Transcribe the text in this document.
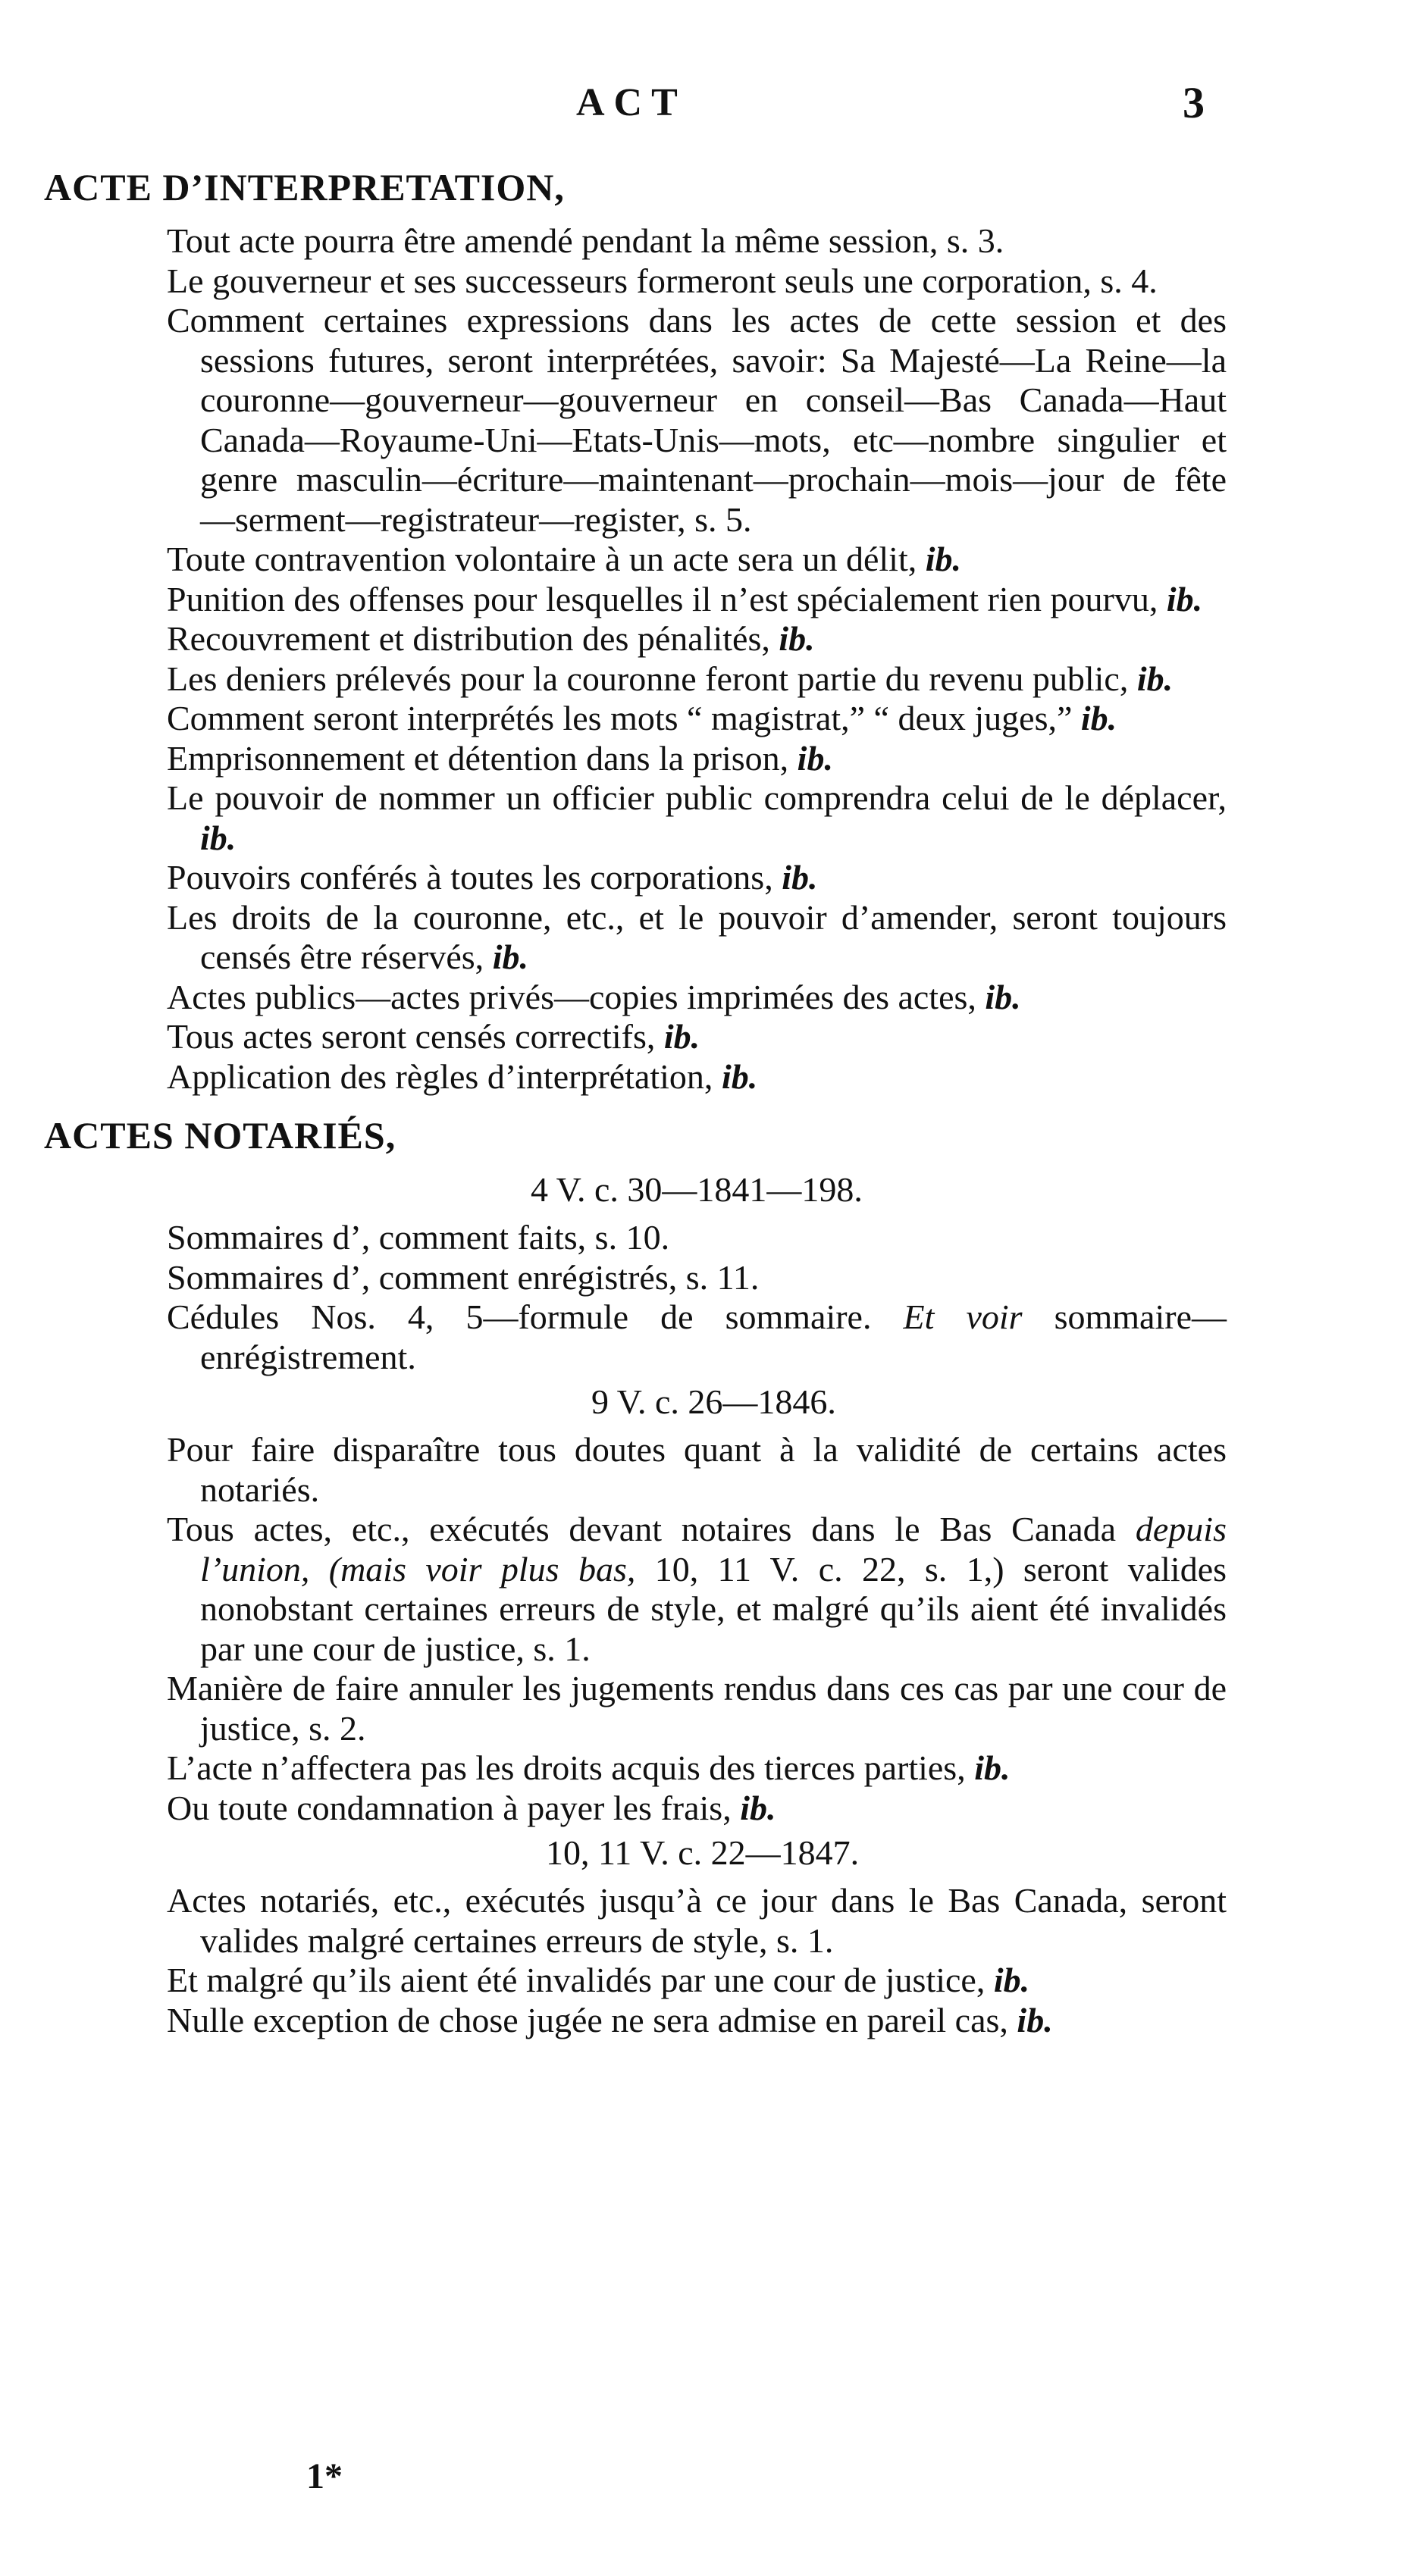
ACT	3
ACTE D’INTERPRETATION,
Tout acte pourra être amendé pendant la même session, s. 3.
Le gouverneur et ses successeurs formeront seuls une corporation, s. 4.
Comment certaines expressions dans les actes de cette session et des sessions futures, seront interprétées, savoir: Sa Majesté—La Reine—la couronne—gouverneur—gouverneur en conseil—Bas Canada—Haut Canada—Royaume-Uni—Etats-Unis—mots, etc—nombre singulier et genre masculin—écriture—maintenant—prochain—mois—jour de fête—serment—registrateur—register, s. 5.
Toute contravention volontaire à un acte sera un délit, ib.
Punition des offenses pour lesquelles il n’est spécialement rien pourvu, ib.
Recouvrement et distribution des pénalités, ib.
Les deniers prélevés pour la couronne feront partie du revenu public, ib.
Comment seront interprétés les mots “ magistrat,” “ deux juges,” ib.
Emprisonnement et détention dans la prison, ib.
Le pouvoir de nommer un officier public comprendra celui de le déplacer, ib.
Pouvoirs conférés à toutes les corporations, ib.
Les droits de la couronne, etc., et le pouvoir d’amender, seront toujours censés être réservés, ib.
Actes publics—actes privés—copies imprimées des actes, ib.
Tous actes seront censés correctifs, ib.
Application des règles d’interprétation, ib.
ACTES NOTARIÉS,
4 V. c. 30—1841—198.
Sommaires d’, comment faits, s. 10.
Sommaires d’, comment enrégistrés, s. 11.
Cédules Nos. 4, 5—formule de sommaire. Et voir sommaire—enrégistrement.
9 V. c. 26—1846.
Pour faire disparaître tous doutes quant à la validité de certains actes notariés.
Tous actes, etc., exécutés devant notaires dans le Bas Canada depuis l’union, (mais voir plus bas, 10, 11 V. c. 22, s. 1,) seront valides nonobstant certaines erreurs de style, et malgré qu’ils aient été invalidés par une cour de justice, s. 1.
Manière de faire annuler les jugements rendus dans ces cas par une cour de justice, s. 2.
L’acte n’affectera pas les droits acquis des tierces parties, ib.
Ou toute condamnation à payer les frais, ib.
10, 11 V. c. 22—1847.
Actes notariés, etc., exécutés jusqu’à ce jour dans le Bas Canada, seront valides malgré certaines erreurs de style, s. 1.
Et malgré qu’ils aient été invalidés par une cour de justice, ib.
Nulle exception de chose jugée ne sera admise en pareil cas, ib.
1*
